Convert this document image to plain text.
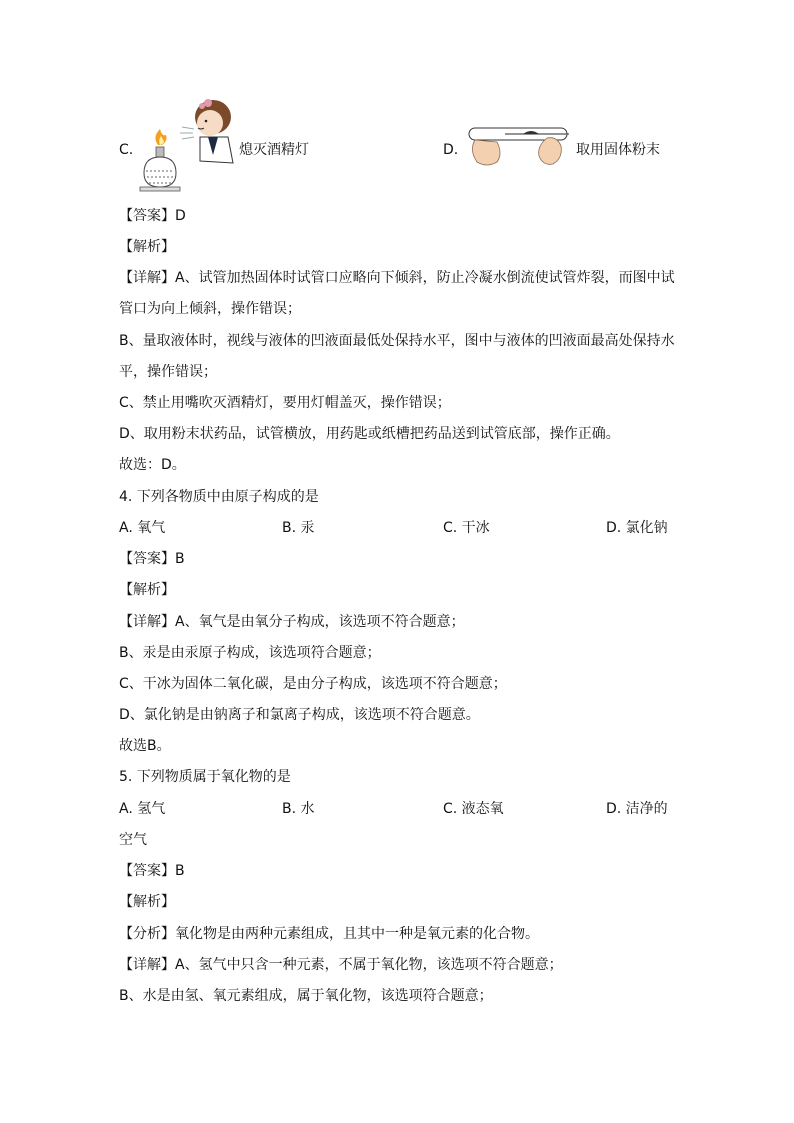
C.	熄灭酒精灯	D.	取用固体粉末
【答案】D
【解析】
【详解】A、试管加热固体时试管口应略向下倾斜，防止冷凝水倒流使试管炸裂，而图中试
管口为向上倾斜，操作错误；
B、量取液体时，视线与液体的凹液面最低处保持水平，图中与液体的凹液面最高处保持水
平，操作错误；
C、禁止用嘴吹灭酒精灯，要用灯帽盖灭，操作错误；
D、取用粉末状药品，试管横放，用药匙或纸槽把药品送到试管底部，操作正确。
故选：D。
4. 下列各物质中由原子构成的是
A. 氧气	B. 汞	C. 干冰	D. 氯化钠
【答案】B
【解析】
【详解】A、氧气是由氧分子构成，该选项不符合题意；
B、汞是由汞原子构成，该选项符合题意；
C、干冰为固体二氧化碳，是由分子构成，该选项不符合题意；
D、氯化钠是由钠离子和氯离子构成，该选项不符合题意。
故选B。
5. 下列物质属于氧化物的是
A. 氢气	B. 水	C. 液态氧	D. 洁净的
空气
【答案】B
【解析】
【分析】氧化物是由两种元素组成，且其中一种是氧元素的化合物。
【详解】A、氢气中只含一种元素，不属于氧化物，该选项不符合题意；
B、水是由氢、氧元素组成，属于氧化物，该选项符合题意；
